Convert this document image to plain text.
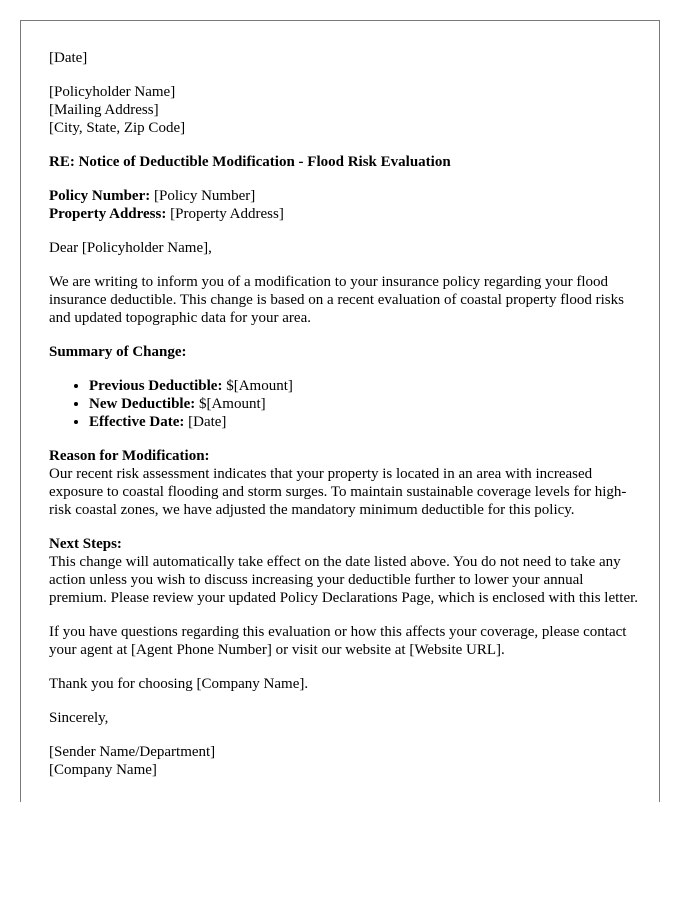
[Date]

[Policyholder Name]
[Mailing Address]
[City, State, Zip Code]

RE: Notice of Deductible Modification - Flood Risk Evaluation

Policy Number: [Policy Number]
Property Address: [Property Address]

Dear [Policyholder Name],

We are writing to inform you of a modification to your insurance policy regarding your flood insurance deductible. This change is based on a recent evaluation of coastal property flood risks and updated topographic data for your area.

Summary of Change:

• Previous Deductible: $[Amount]
• New Deductible: $[Amount]
• Effective Date: [Date]

Reason for Modification:
Our recent risk assessment indicates that your property is located in an area with increased exposure to coastal flooding and storm surges. To maintain sustainable coverage levels for high-risk coastal zones, we have adjusted the mandatory minimum deductible for this policy.

Next Steps:
This change will automatically take effect on the date listed above. You do not need to take any action unless you wish to discuss increasing your deductible further to lower your annual premium. Please review your updated Policy Declarations Page, which is enclosed with this letter.

If you have questions regarding this evaluation or how this affects your coverage, please contact your agent at [Agent Phone Number] or visit our website at [Website URL].

Thank you for choosing [Company Name].

Sincerely,

[Sender Name/Department]
[Company Name]
